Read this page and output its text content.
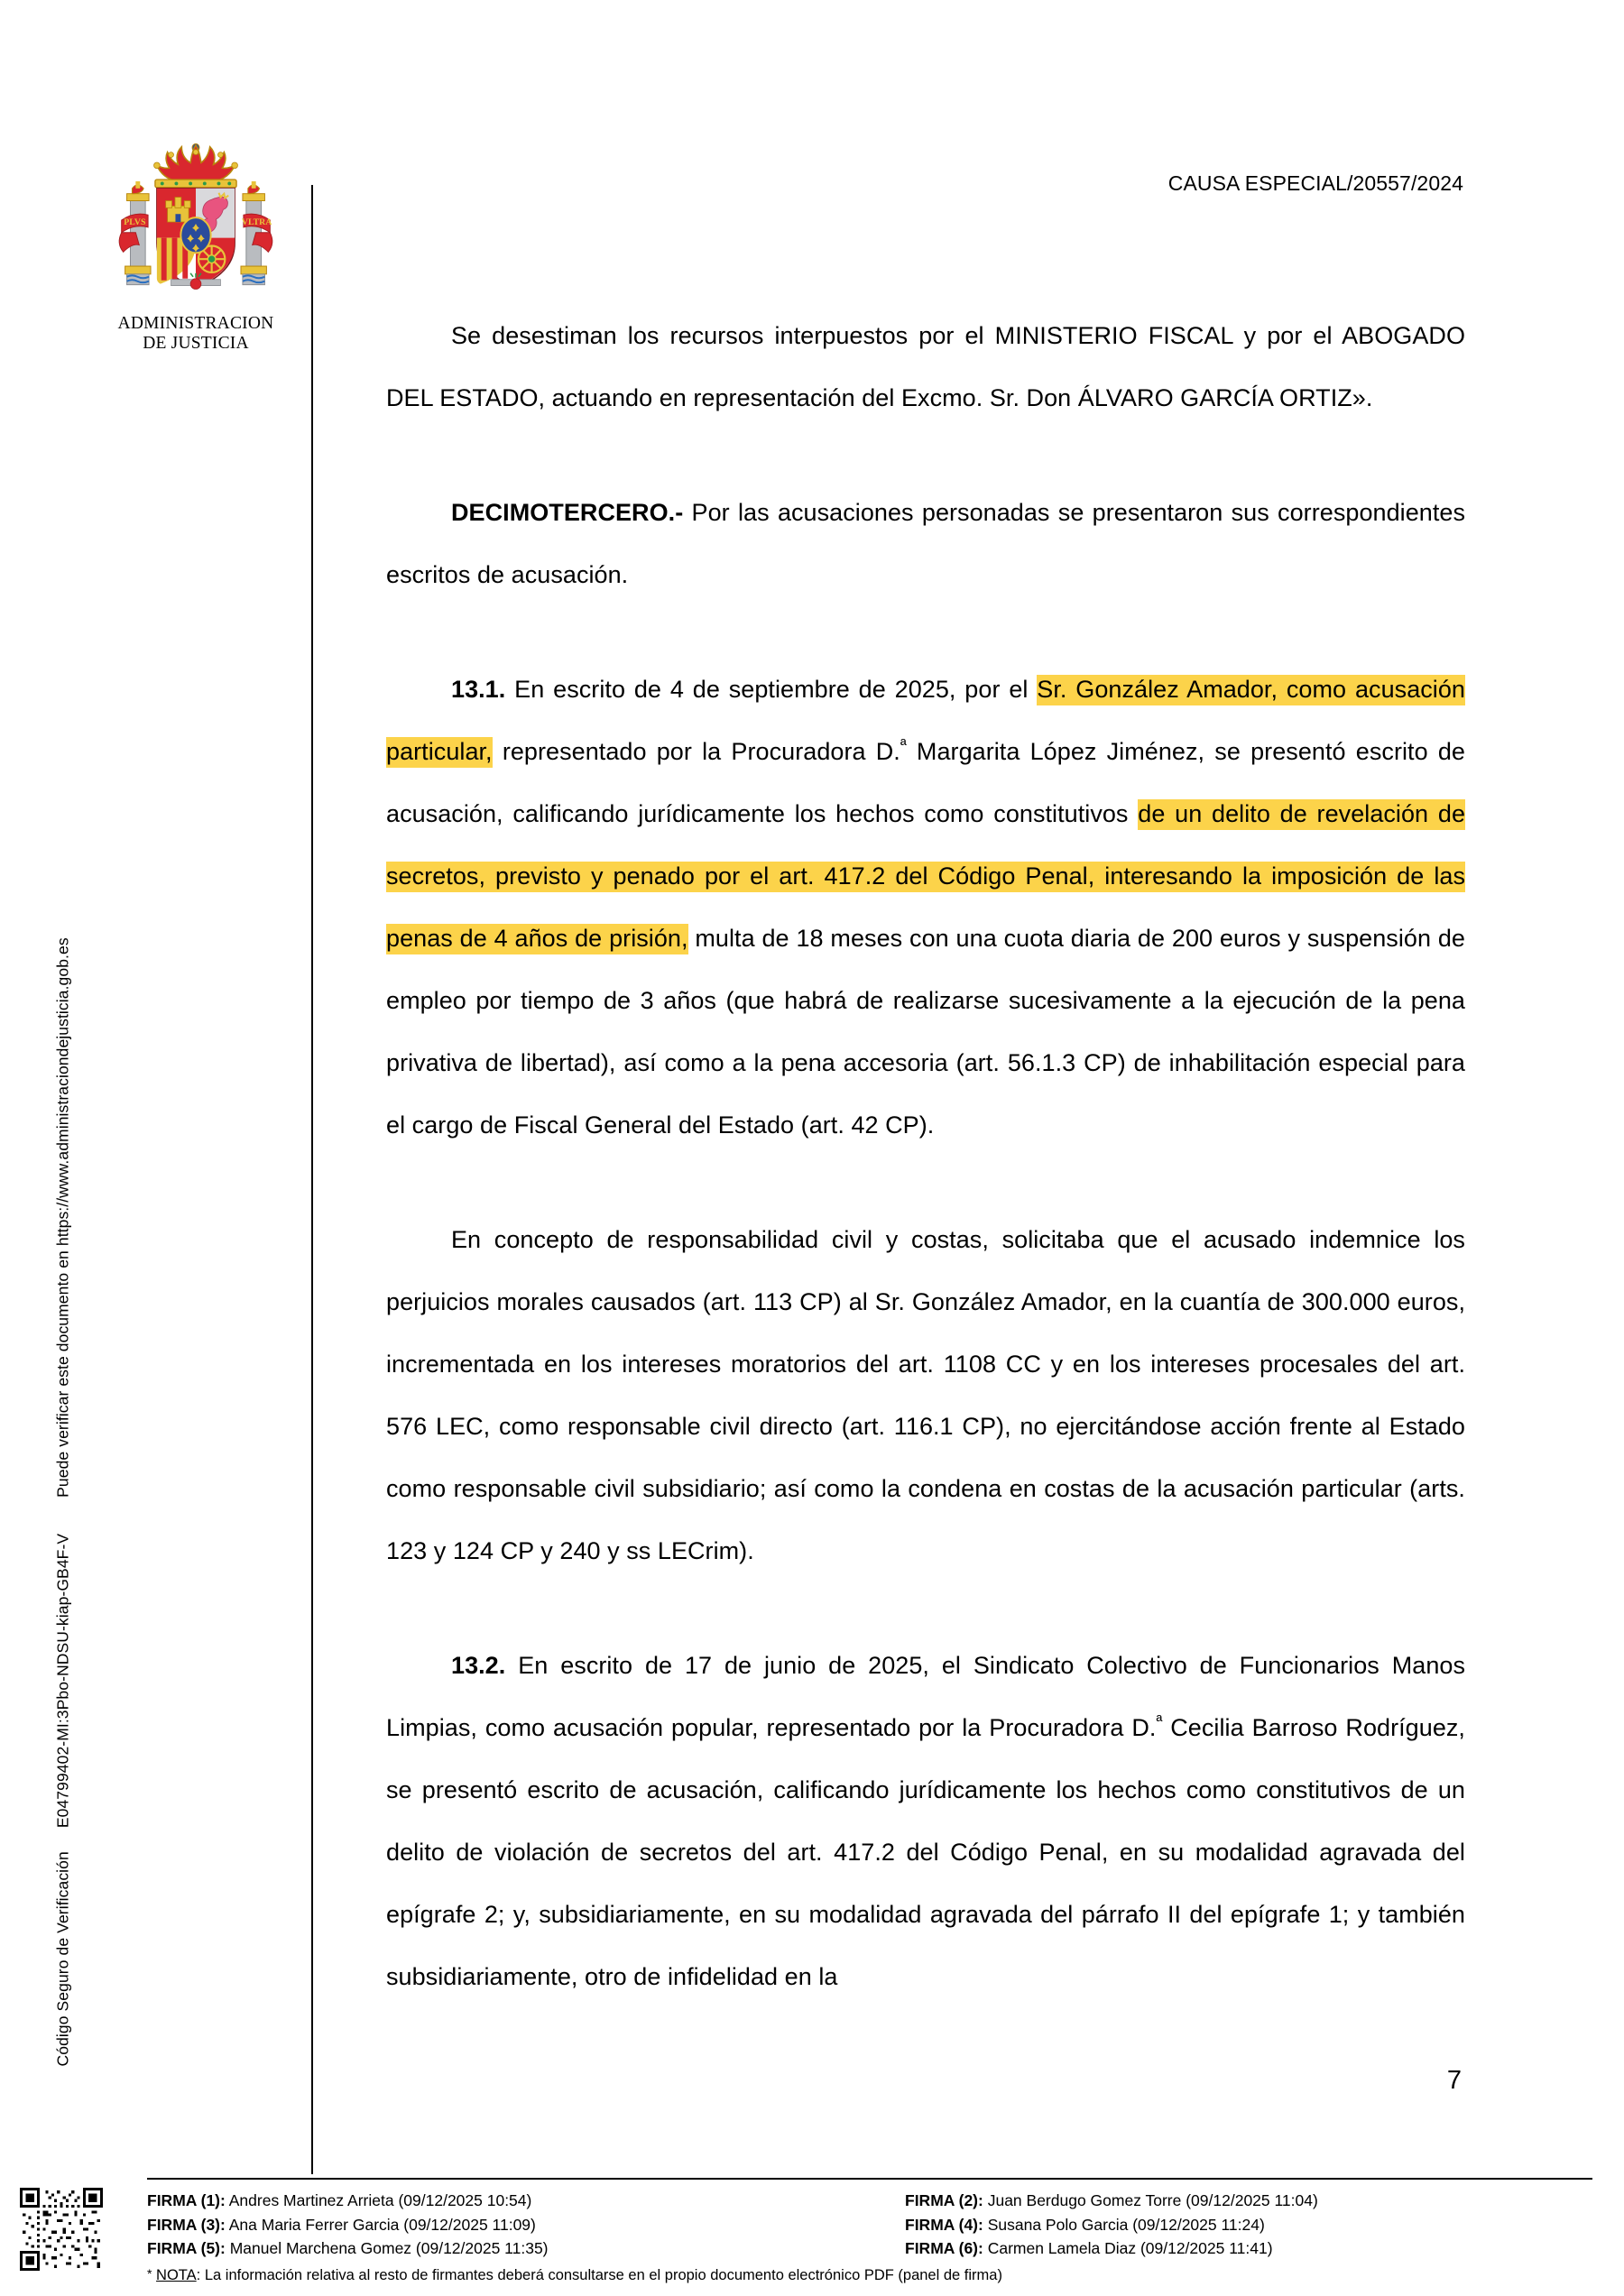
Código Seguro de VerificaciónE04799402-MI:3Pbo-NDSU-kiap-GB4F-VPuede verificar este documento en https://www.administraciondejusticia.gob.es
PLVS	VLTRA
ADMINISTRACION
DE JUSTICIA
CAUSA ESPECIAL/20557/2024

Se desestiman los recursos interpuestos por el MINISTERIO FISCAL y por el ABOGADO DEL ESTADO, actuando en representación del Excmo. Sr. Don ÁLVARO GARCÍA ORTIZ».

DECIMOTERCERO.- Por las acusaciones personadas se presentaron sus correspondientes escritos de acusación.

13.1. En escrito de 4 de septiembre de 2025, por el Sr. González Amador, como acusación particular, representado por la Procuradora D.$^ª$ Margarita López Jiménez, se presentó escrito de acusación, calificando jurídicamente los hechos como constitutivos de un delito de revelación de secretos, previsto y penado por el art. 417.2 del Código Penal, interesando la imposición de las penas de 4 años de prisión, multa de 18 meses con una cuota diaria de 200 euros y suspensión de empleo por tiempo de 3 años (que habrá de realizarse sucesivamente a la ejecución de la pena privativa de libertad), así como a la pena accesoria (art. 56.1.3 CP) de inhabilitación especial para el cargo de Fiscal General del Estado (art. 42 CP).

En concepto de responsabilidad civil y costas, solicitaba que el acusado indemnice los perjuicios morales causados (art. 113 CP) al Sr. González Amador, en la cuantía de 300.000 euros, incrementada en los intereses moratorios del art. 1108 CC y en los intereses procesales del art. 576 LEC, como responsable civil directo (art. 116.1 CP), no ejercitándose acción frente al Estado como responsable civil subsidiario; así como la condena en costas de la acusación particular (arts. 123 y 124 CP y 240 y ss LECrim).

13.2. En escrito de 17 de junio de 2025, el Sindicato Colectivo de Funcionarios Manos Limpias, como acusación popular, representado por la Procuradora D.$^ª$ Cecilia Barroso Rodríguez, se presentó escrito de acusación, calificando jurídicamente los hechos como constitutivos de un delito de violación de secretos del art. 417.2 del Código Penal, en su modalidad agravada del epígrafe 2; y, subsidiariamente, en su modalidad agravada del párrafo II del epígrafe 1; y también subsidiariamente, otro de infidelidad en la

7
FIRMA (1): Andres Martinez Arrieta (09/12/2025 10:54)	FIRMA (2): Juan Berdugo Gomez Torre (09/12/2025 11:04)
FIRMA (3): Ana Maria Ferrer Garcia (09/12/2025 11:09)	FIRMA (4): Susana Polo Garcia (09/12/2025 11:24)
FIRMA (5): Manuel Marchena Gomez (09/12/2025 11:35)	FIRMA (6): Carmen Lamela Diaz (09/12/2025 11:41)
* NOTA: La información relativa al resto de firmantes deberá consultarse en el propio documento electrónico PDF (panel de firma)
